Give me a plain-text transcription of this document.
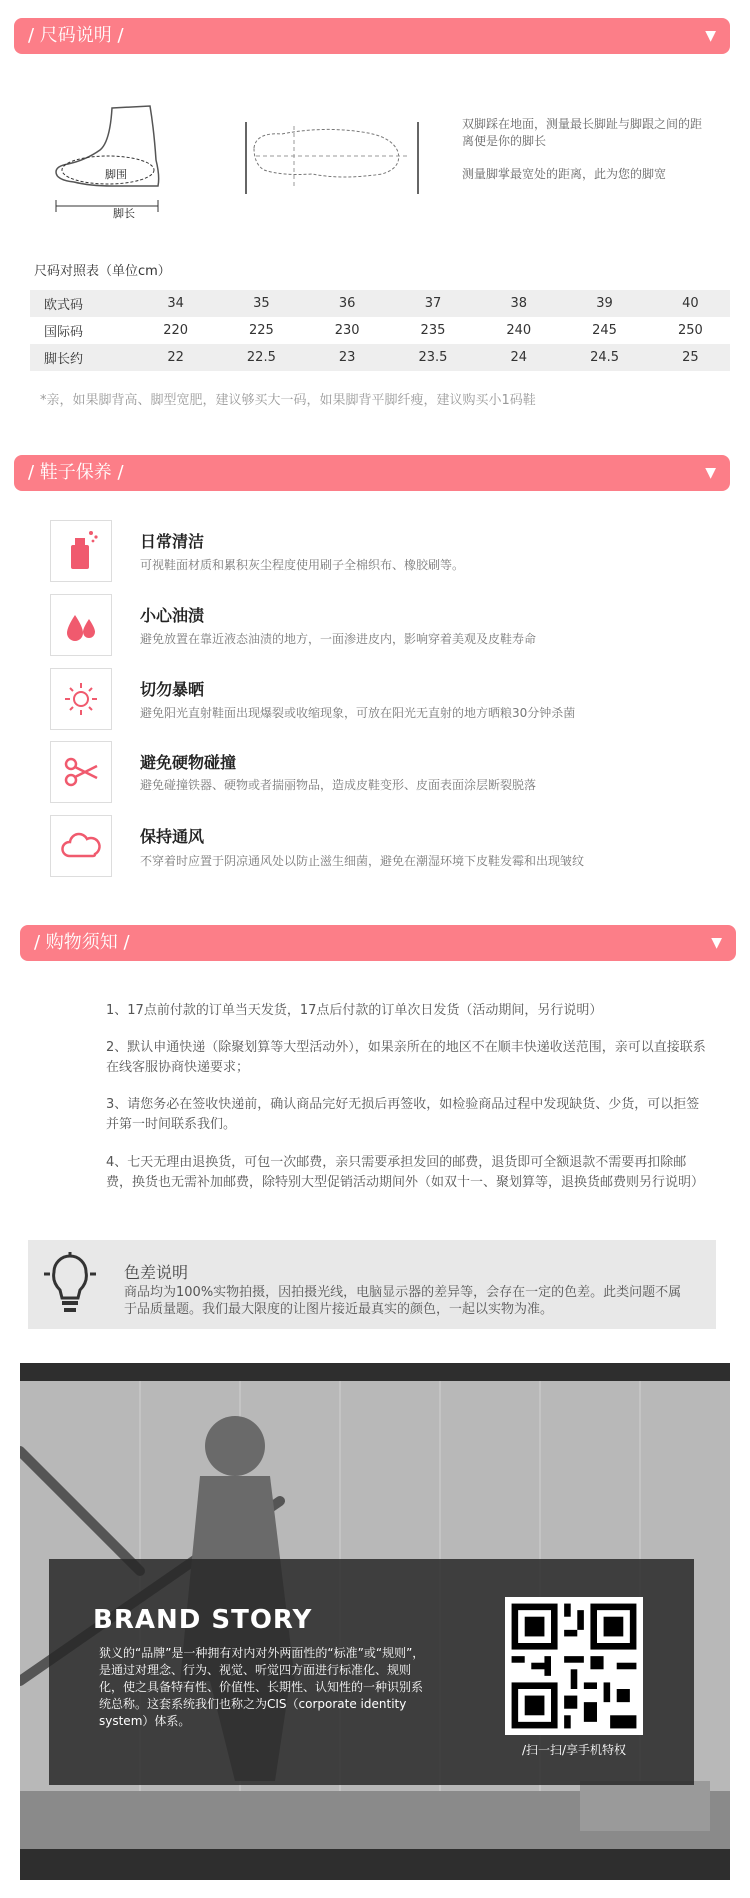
/ 尺码说明 /	▼
脚围
脚长
双脚踩在地面，测量最长脚趾与脚跟之间的距离便是你的脚长
测量脚掌最宽处的距离，此为您的脚宽
尺码对照表（单位cm）
欧式码	34	35	36	37	38	39	40
国际码	220	225	230	235	240	245	250
脚长约	22	22.5	23	23.5	24	24.5	25
*亲，如果脚背高、脚型宽肥，建议够买大一码，如果脚背平脚纤瘦，建议购买小1码鞋
/ 鞋子保养 /	▼
日常清洁
可视鞋面材质和累积灰尘程度使用刷子全棉织布、橡胶刷等。
小心油渍
避免放置在靠近液态油渍的地方，一面渗进皮内，影响穿着美观及皮鞋寿命
切勿暴晒
避免阳光直射鞋面出现爆裂或收缩现象，可放在阳光无直射的地方晒粮30分钟杀菌
避免硬物碰撞
避免碰撞铁器、硬物或者揣丽物品，造成皮鞋变形、皮面表面涂层断裂脱落
保持通风
不穿着时应置于阴凉通风处以防止滋生细菌，避免在潮湿环境下皮鞋发霉和出现皱纹
/ 购物须知 /	▼
1、17点前付款的订单当天发货，17点后付款的订单次日发货（活动期间，另行说明）
2、默认申通快递（除聚划算等大型活动外），如果亲所在的地区不在顺丰快递收送范围，亲可以直接联系在线客服协商快递要求；
3、请您务必在签收快递前，确认商品完好无损后再签收，如检验商品过程中发现缺货、少货，可以拒签并第一时间联系我们。
4、七天无理由退换货，可包一次邮费，亲只需要承担发回的邮费，退货即可全额退款不需要再扣除邮费，换货也无需补加邮费，除特别大型促销活动期间外（如双十一、聚划算等，退换货邮费则另行说明）
色差说明
商品均为100%实物拍摄，因拍摄光线，电脑显示器的差异等，会存在一定的色差。此类问题不属于品质量题。我们最大限度的让图片接近最真实的颜色，一起以实物为准。
BRAND STORY
狱义的“品牌”是一种拥有对内对外两面性的“标准”或“规则”，是通过对理念、行为、视觉、听觉四方面进行标准化、规则化，使之具备特有性、价值性、长期性、认知性的一种识别系统总称。这套系统我们也称之为CIS（corporate identity system）体系。
/扫一扫/享手机特权
